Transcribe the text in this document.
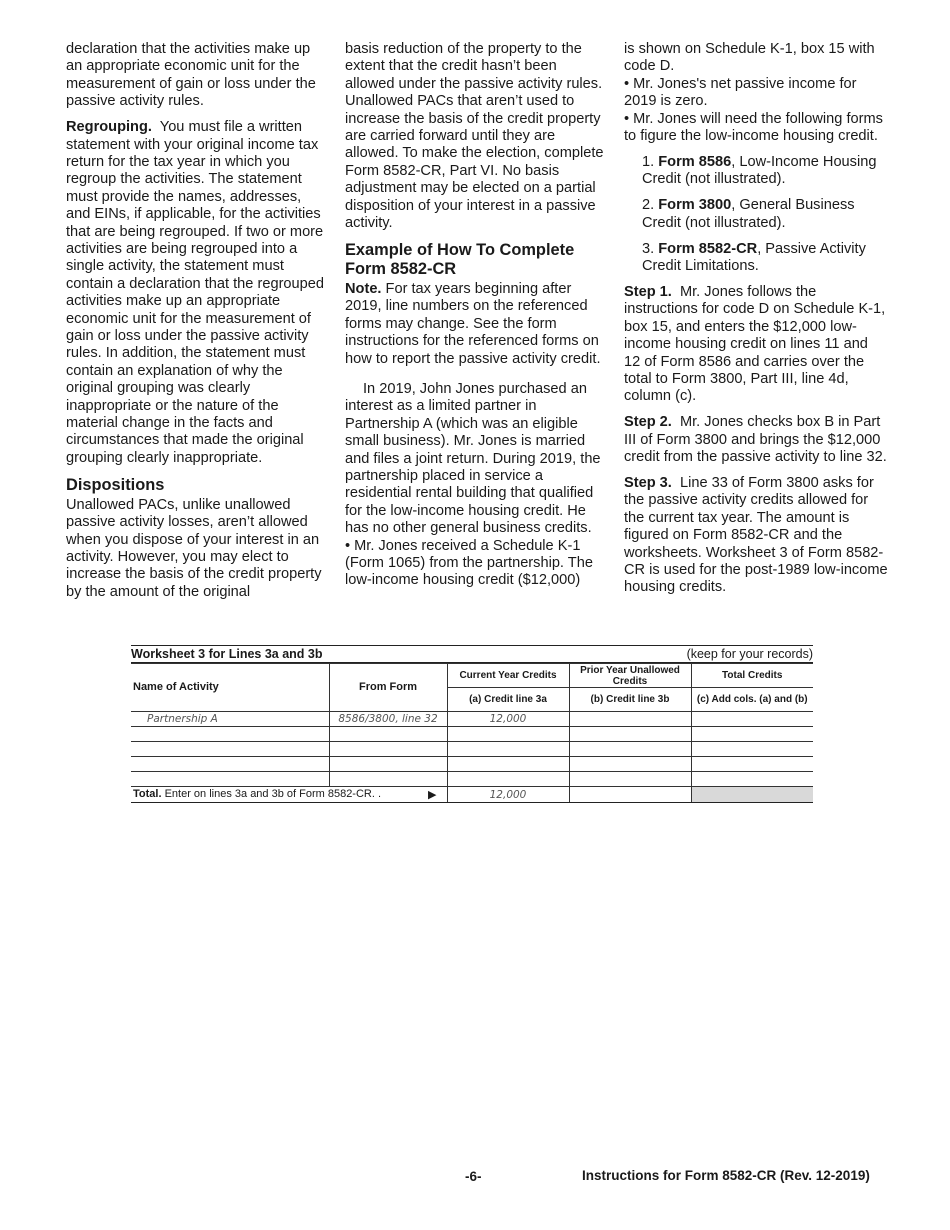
declaration that the activities make up an appropriate economic unit for the measurement of gain or loss under the passive activity rules.

Regrouping. You must file a written statement with your original income tax return for the tax year in which you regroup the activities. The statement must provide the names, addresses, and EINs, if applicable, for the activities that are being regrouped. If two or more activities are being regrouped into a single activity, the statement must contain a declaration that the regrouped activities make up an appropriate economic unit for the measurement of gain or loss under the passive activity rules. In addition, the statement must contain an explanation of why the original grouping was clearly inappropriate or the nature of the material change in the facts and circumstances that made the original grouping clearly inappropriate.

Dispositions

Unallowed PACs, unlike unallowed passive activity losses, aren’t allowed when you dispose of your interest in an activity. However, you may elect to increase the basis of the credit property by the amount of the original

basis reduction of the property to the extent that the credit hasn’t been allowed under the passive activity rules. Unallowed PACs that aren’t used to increase the basis of the credit property are carried forward until they are allowed. To make the election, complete Form 8582-CR, Part VI. No basis adjustment may be elected on a partial disposition of your interest in a passive activity.

Example of How To Complete Form 8582-CR

Note. For tax years beginning after 2019, line numbers on the referenced forms may change. See the form instructions for the referenced forms on how to report the passive activity credit.

In 2019, John Jones purchased an interest as a limited partner in Partnership A (which was an eligible small business). Mr. Jones is married and files a joint return. During 2019, the partnership placed in service a residential rental building that qualified for the low-income housing credit. He has no other general business credits.

• Mr. Jones received a Schedule K-1 (Form 1065) from the partnership. The low-income housing credit ($12,000)

is shown on Schedule K-1, box 15 with code D.

• Mr. Jones's net passive income for 2019 is zero.

• Mr. Jones will need the following forms to figure the low-income housing credit.

1. Form 8586, Low-Income Housing Credit (not illustrated).

2. Form 3800, General Business Credit (not illustrated).

3. Form 8582-CR, Passive Activity Credit Limitations.

Step 1. Mr. Jones follows the instructions for code D on Schedule K-1, box 15, and enters the $12,000 low-income housing credit on lines 11 and 12 of Form 8586 and carries over the total to Form 3800, Part III, line 4d, column (c).

Step 2. Mr. Jones checks box B in Part III of Form 3800 and brings the $12,000 credit from the passive activity to line 32.

Step 3. Line 33 of Form 3800 asks for the passive activity credits allowed for the current tax year. The amount is figured on Form 8582-CR and the worksheets. Worksheet 3 of Form 8582-CR is used for the post-1989 low-income housing credits.

Worksheet 3 for Lines 3a and 3b	(keep for your records)
Name of Activity	From Form	Current Year Credits	Prior Year Unallowed Credits	Total Credits
		(a) Credit line 3a	(b) Credit line 3b	(c) Add cols. (a) and (b)
Partnership A	8586/3800, line 32	12,000		

Total. Enter on lines 3a and 3b of Form 8582-CR. . ▶		12,000		
-6-	Instructions for Form 8582-CR (Rev. 12-2019)
